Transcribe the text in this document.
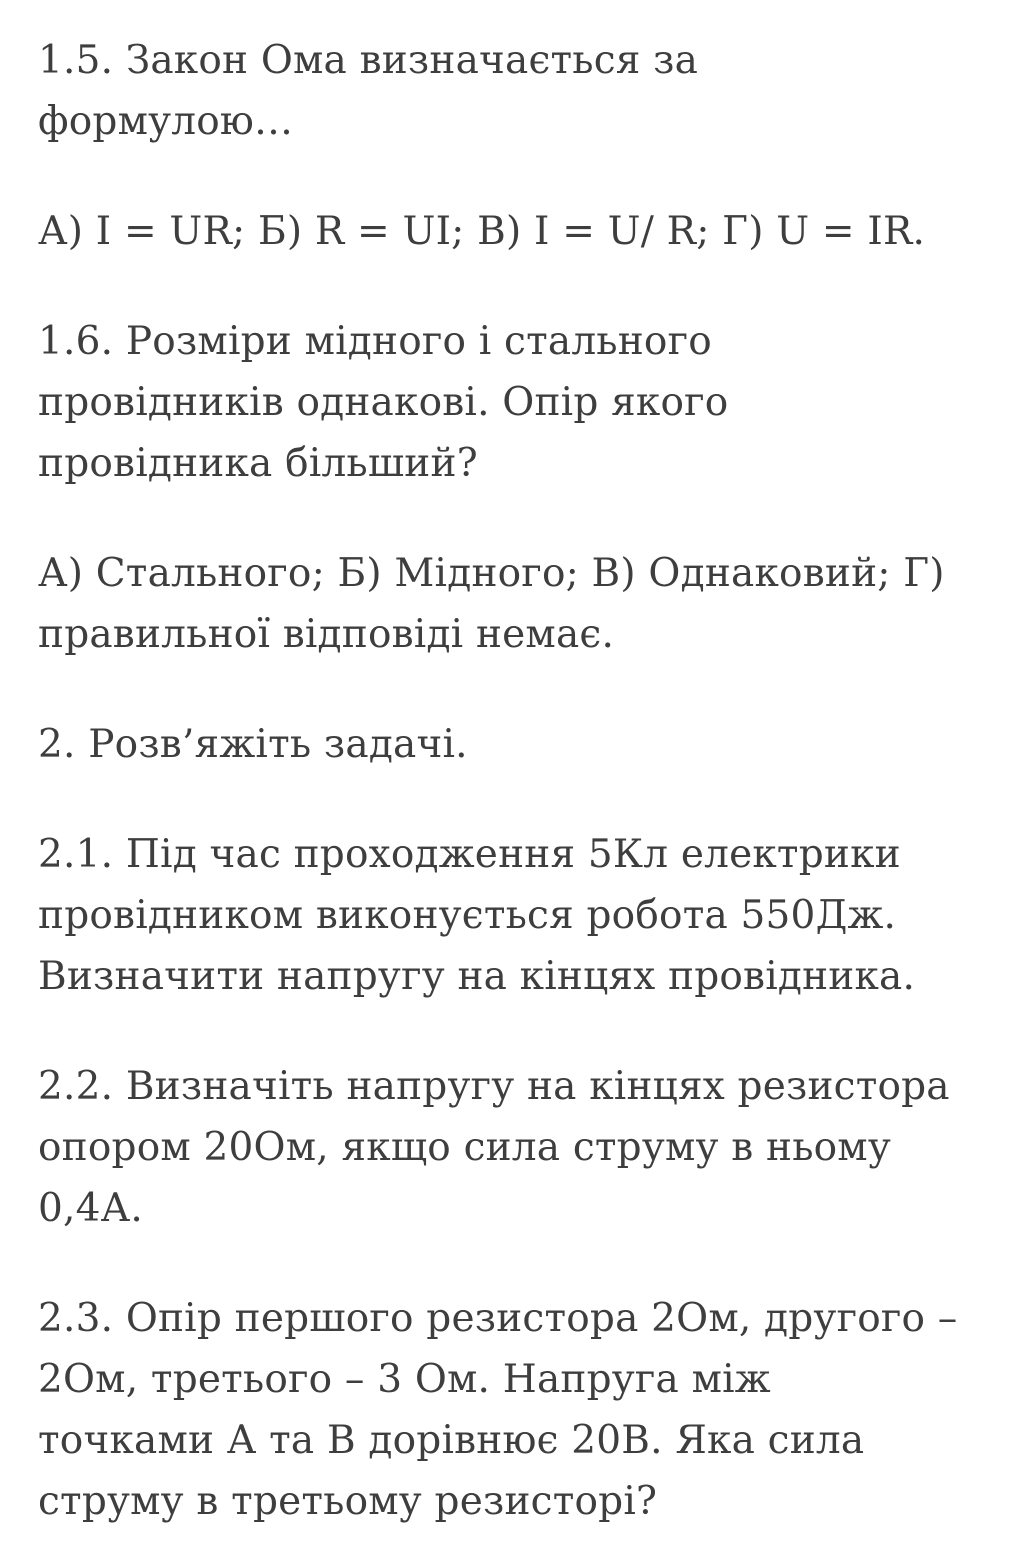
1.5. Закон Ома визначається за
формулою…

А) І = UR; Б) R = UI; В) І = U/ R; Г) U = IR.

1.6. Розміри мідного і стального
провідників однакові. Опір якого
провідника більший?

А) Стального; Б) Мідного; В) Однаковий; Г)
правильної відповіді немає.

2. Розв’яжіть задачі.

2.1. Під час проходження 5Кл електрики
провідником виконується робота 550Дж.
Визначити напругу на кінцях провідника.

2.2. Визначіть напругу на кінцях резистора
опором 20Ом, якщо сила струму в ньому
0,4А.

2.3. Опір першого резистора 2Ом, другого –
2Ом, третього – 3 Ом. Напруга між
точками А та В дорівнює 20В. Яка сила
струму в третьому резисторі?
